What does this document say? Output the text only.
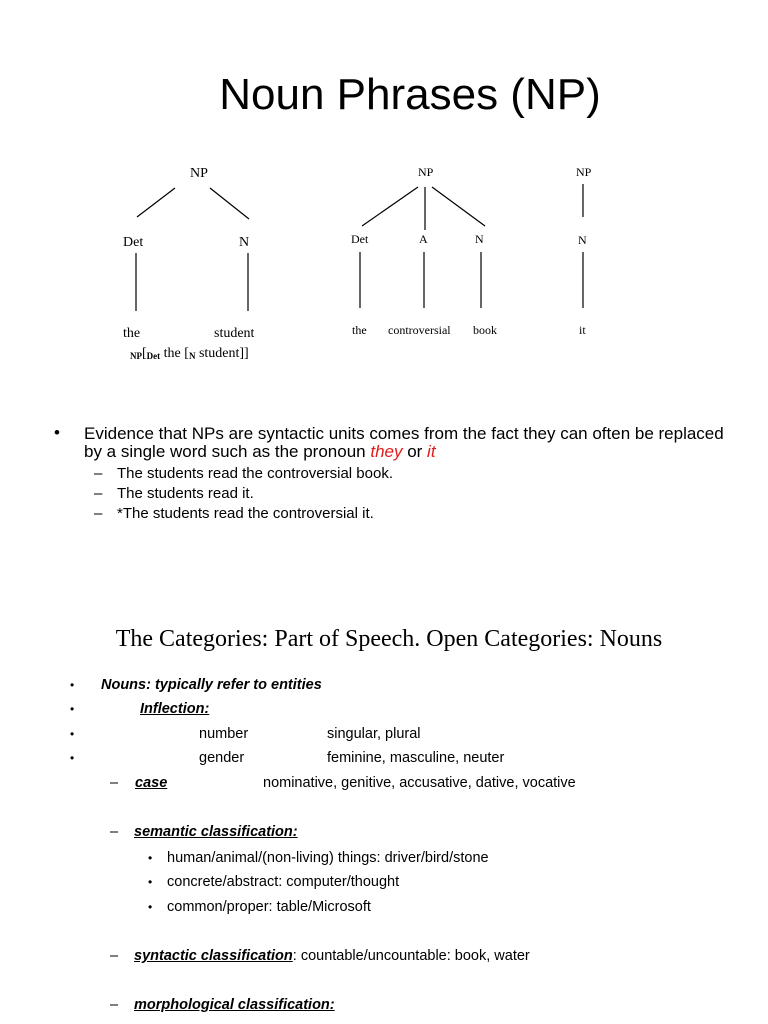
Noun Phrases (NP)
NP
Det	N
the	student
NP
Det	A	N
the controversial book
NP
N
it
$_{NP}[_{Det}$ the [$_N$ student]]
• Evidence that NPs are syntactic units comes from the fact they can often be replaced by a single word such as the pronoun they or it
– The students read the controversial book.
– The students read it.
– *The students read the controversial it.
The Categories: Part of Speech. Open Categories: Nouns
• Nouns: typically refer to entities
•	Inflection:
•	number	singular, plural
•	gender	feminine, masculine, neuter
– case	nominative, genitive, accusative, dative, vocative
– semantic classification:
• human/animal/(non-living) things: driver/bird/stone
• concrete/abstract: computer/thought
• common/proper: table/Microsoft
– syntactic classification: countable/uncountable: book, water
– morphological classification:
